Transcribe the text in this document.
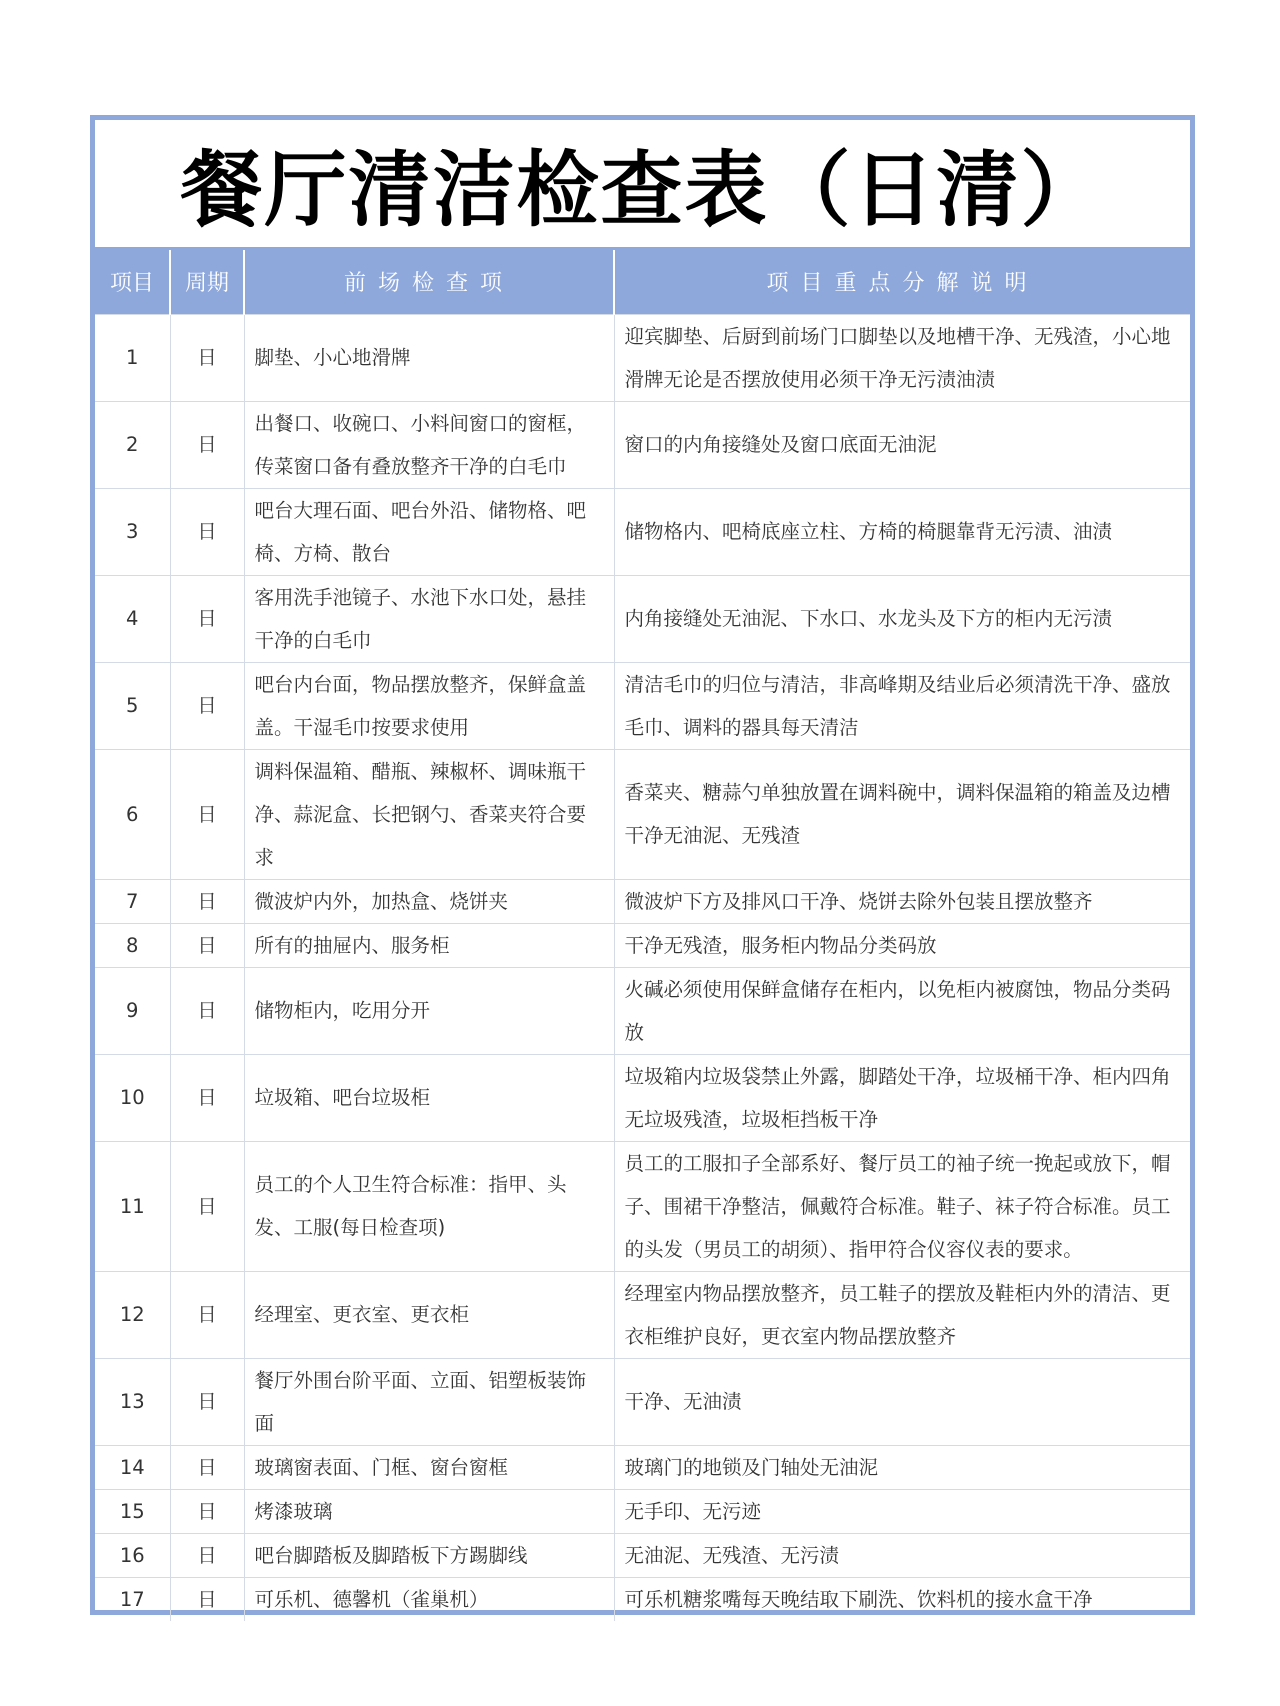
餐厅清洁检查表（日清）
项目	周期	前场检查项	项目重点分解说明
1	日	脚垫、小心地滑牌	迎宾脚垫、后厨到前场门口脚垫以及地槽干净、无残渣，小心地滑牌无论是否摆放使用必须干净无污渍油渍
2	日	出餐口、收碗口、小料间窗口的窗框，传菜窗口备有叠放整齐干净的白毛巾	窗口的内角接缝处及窗口底面无油泥
3	日	吧台大理石面、吧台外沿、储物格、吧椅、方椅、散台	储物格内、吧椅底座立柱、方椅的椅腿靠背无污渍、油渍
4	日	客用洗手池镜子、水池下水口处，悬挂干净的白毛巾	内角接缝处无油泥、下水口、水龙头及下方的柜内无污渍
5	日	吧台内台面，物品摆放整齐，保鲜盒盖盖。干湿毛巾按要求使用	清洁毛巾的归位与清洁，非高峰期及结业后必须清洗干净、盛放毛巾、调料的器具每天清洁
6	日	调料保温箱、醋瓶、辣椒杯、调味瓶干净、蒜泥盒、长把钢勺、香菜夹符合要求	香菜夹、糖蒜勺单独放置在调料碗中，调料保温箱的箱盖及边槽干净无油泥、无残渣
7	日	微波炉内外，加热盒、烧饼夹	微波炉下方及排风口干净、烧饼去除外包装且摆放整齐
8	日	所有的抽屉内、服务柜	干净无残渣，服务柜内物品分类码放
9	日	储物柜内，吃用分开	火碱必须使用保鲜盒储存在柜内，以免柜内被腐蚀，物品分类码放
10	日	垃圾箱、吧台垃圾柜	垃圾箱内垃圾袋禁止外露，脚踏处干净，垃圾桶干净、柜内四角无垃圾残渣，垃圾柜挡板干净
11	日	员工的个人卫生符合标准：指甲、头发、工服(每日检查项)	员工的工服扣子全部系好、餐厅员工的袖子统一挽起或放下，帽子、围裙干净整洁，佩戴符合标准。鞋子、袜子符合标准。员工的头发（男员工的胡须）、指甲符合仪容仪表的要求。
12	日	经理室、更衣室、更衣柜	经理室内物品摆放整齐，员工鞋子的摆放及鞋柜内外的清洁、更衣柜维护良好，更衣室内物品摆放整齐
13	日	餐厅外围台阶平面、立面、铝塑板装饰面	干净、无油渍
14	日	玻璃窗表面、门框、窗台窗框	玻璃门的地锁及门轴处无油泥
15	日	烤漆玻璃	无手印、无污迹
16	日	吧台脚踏板及脚踏板下方踢脚线	无油泥、无残渣、无污渍
17	日	可乐机、德馨机（雀巢机）	可乐机糖浆嘴每天晚结取下刷洗、饮料机的接水盒干净
